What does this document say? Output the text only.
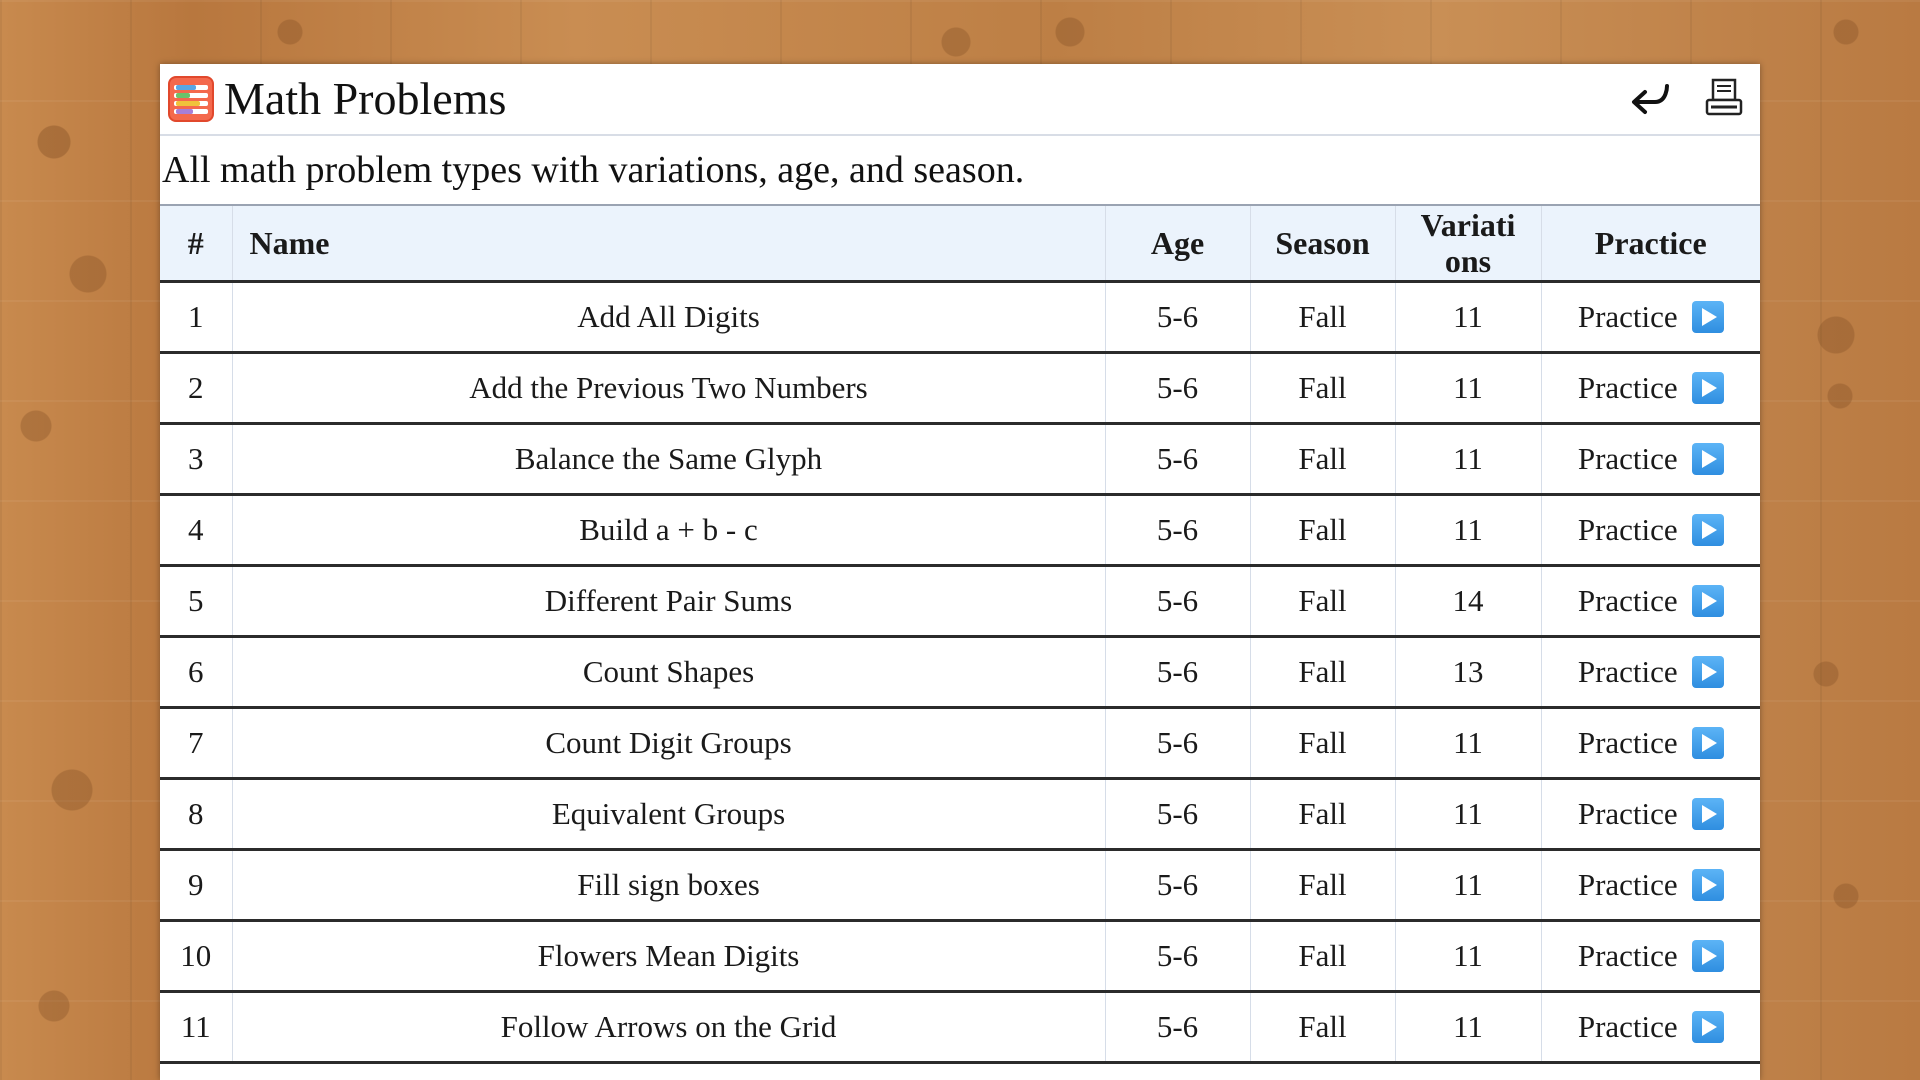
Math Problems
All math problem types with variations, age, and season.
#	Name	Age	Season	Variati
ons	Practice
1	Add All Digits	5-6	Fall	11	Practice

2	Add the Previous Two Numbers	5-6	Fall	11	Practice

3	Balance the Same Glyph	5-6	Fall	11	Practice

4	Build a + b - c	5-6	Fall	11	Practice

5	Different Pair Sums	5-6	Fall	14	Practice

6	Count Shapes	5-6	Fall	13	Practice

7	Count Digit Groups	5-6	Fall	11	Practice

8	Equivalent Groups	5-6	Fall	11	Practice

9	Fill sign boxes	5-6	Fall	11	Practice

10	Flowers Mean Digits	5-6	Fall	11	Practice

11	Follow Arrows on the Grid	5-6	Fall	11	Practice
